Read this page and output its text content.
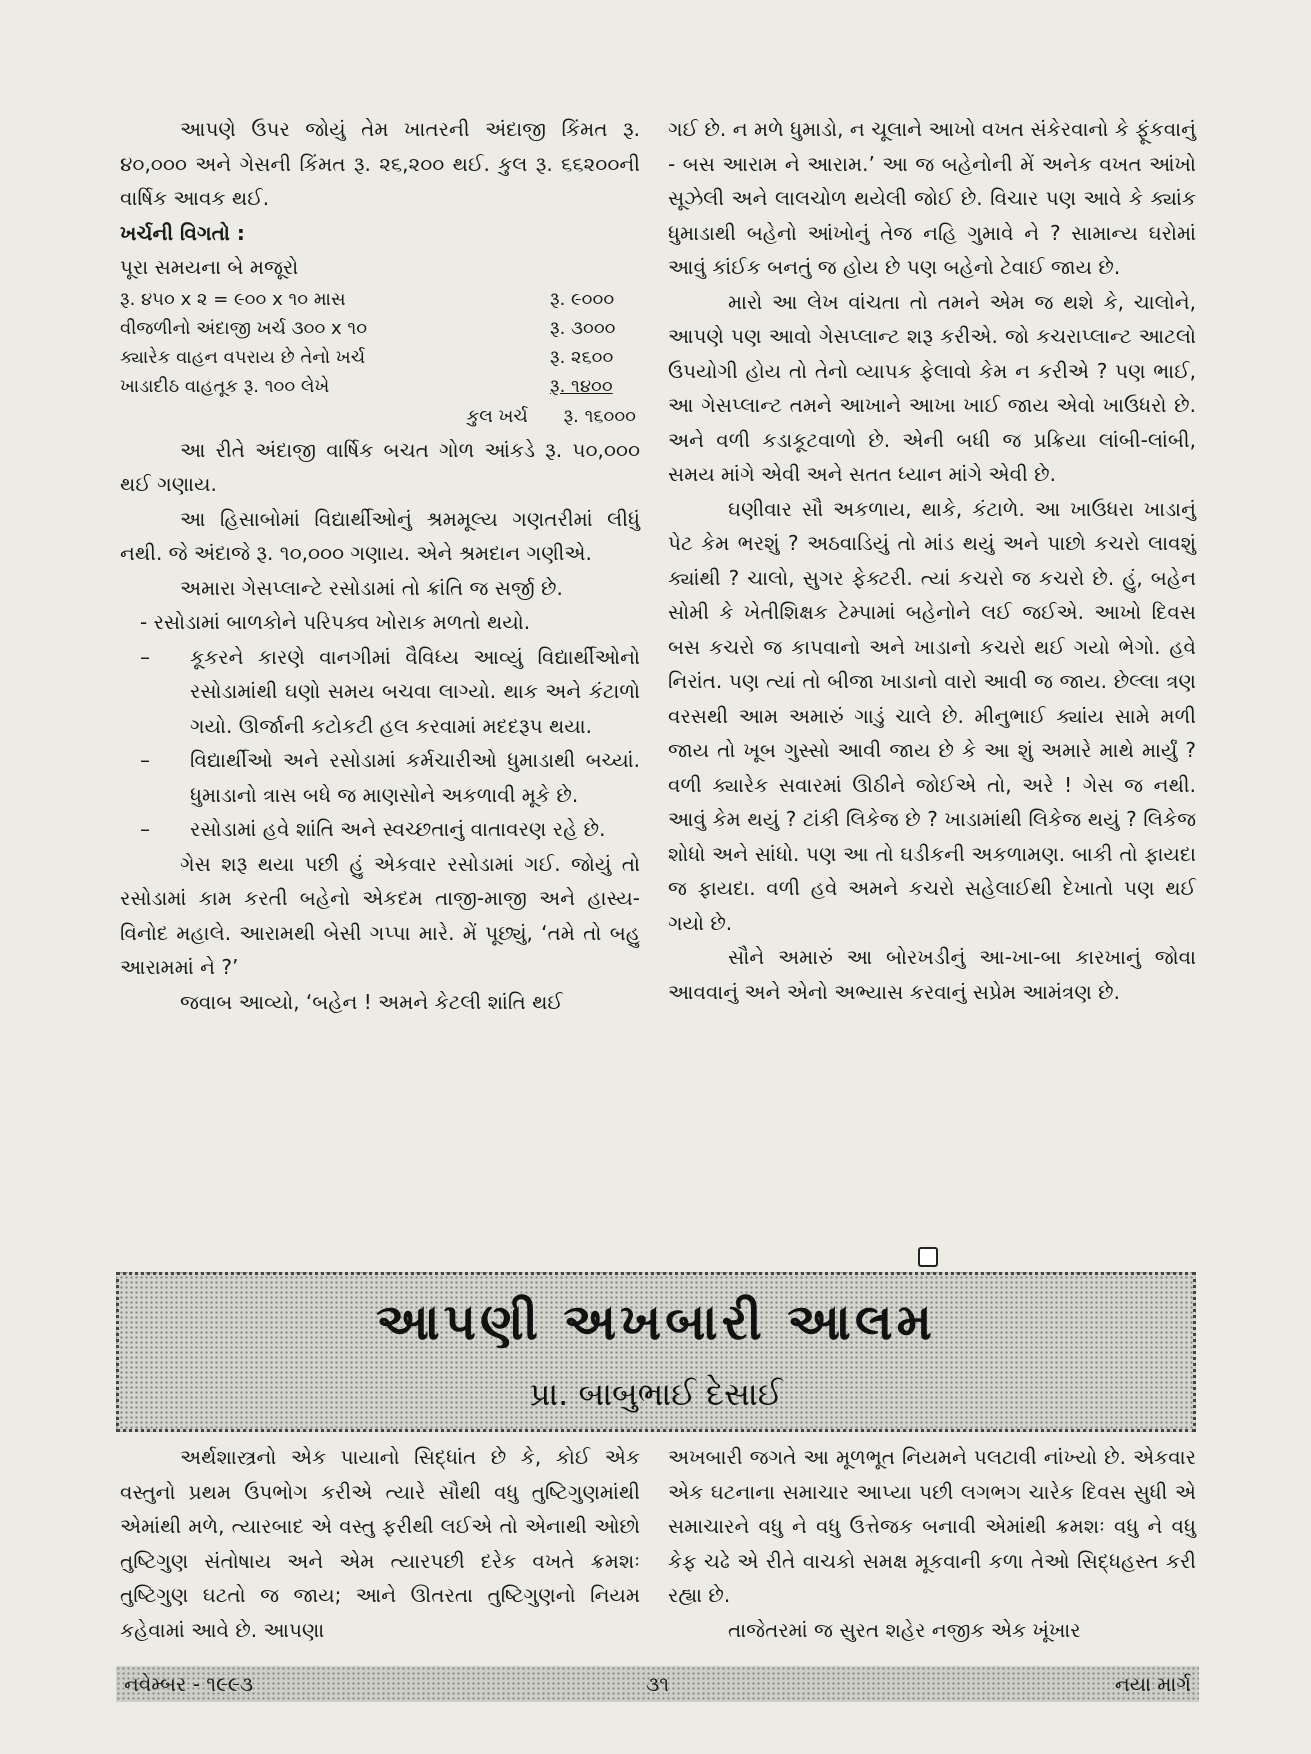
આપણે ઉપર જોયું તેમ ખાતરની અંદાજી કિંમત રૂ. ૪૦,૦૦૦ અને ગેસની કિંમત રૂ. ૨૬,૨૦૦ થઈ. કુલ રૂ. ૬૬૨૦૦ની વાર્ષિક આવક થઈ.

ખર્ચની વિગતો :

પૂરા સમયના બે મજૂરો

રૂ. ૪૫૦ x ૨ = ૯૦૦ x ૧૦ માસ	રૂ. ૯૦૦૦
વીજળીનો અંદાજી ખર્ચ ૩૦૦ x ૧૦	રૂ. ૩૦૦૦
ક્યારેક વાહન વપરાય છે તેનો ખર્ચ	રૂ. ૨૬૦૦
ખાડાદીઠ વાહતૂક રૂ. ૧૦૦ લેખે	રૂ. ૧૪૦૦
કુલ ખર્ચ રૂ. ૧૬૦૦૦

આ રીતે અંદાજી વાર્ષિક બચત ગોળ આંકડે રૂ. ૫૦,૦૦૦ થઈ ગણાય.

આ હિસાબોમાં વિદ્યાર્થીઓનું શ્રમમૂલ્ય ગણતરીમાં લીધું નથી. જે અંદાજે રૂ. ૧૦,૦૦૦ ગણાય. એને શ્રમદાન ગણીએ.

અમારા ગેસપ્લાન્ટે રસોડામાં તો ક્રાંતિ જ સર્જી છે.

- રસોડામાં બાળકોને પરિપક્વ ખોરાક મળતો થયો.

–	કૂકરને કારણે વાનગીમાં વૈવિધ્ય આવ્યું વિદ્યાર્થીઓનો રસોડામાંથી ઘણો સમય બચવા લાગ્યો. થાક અને કંટાળો ગયો. ઊર્જાની કટોકટી હલ કરવામાં મદદરૂપ થયા.
–	વિદ્યાર્થીઓ અને રસોડામાં કર્મચારીઓ ધુમાડાથી બચ્યાં. ધુમાડાનો ત્રાસ બધે જ માણસોને અકળાવી મૂકે છે.
–	રસોડામાં હવે શાંતિ અને સ્વચ્છતાનું વાતાવરણ રહે છે.

ગેસ શરૂ થયા પછી હું એકવાર રસોડામાં ગઈ. જોયું તો રસોડામાં કામ કરતી બહેનો એકદમ તાજી-માજી અને હાસ્ય-વિનોદ મહાલે. આરામથી બેસી ગપ્પા મારે. મેં પૂછ્યું, ‘તમે તો બહુ આરામમાં ને ?’

જવાબ આવ્યો, ‘બહેન ! અમને કેટલી શાંતિ થઈ

ગઈ છે. ન મળે ધુમાડો, ન ચૂલાને આખો વખત સંકેરવાનો કે ફૂંકવાનું - બસ આરામ ને આરામ.’ આ જ બહેનોની મેં અનેક વખત આંખો સૂઝેલી અને લાલચોળ થયેલી જોઈ છે. વિચાર પણ આવે કે ક્યાંક ધુમાડાથી બહેનો આંખોનું તેજ નહિ ગુમાવે ને ? સામાન્ય ઘરોમાં આવું કાંઈક બનતું જ હોય છે પણ બહેનો ટેવાઈ જાય છે.

મારો આ લેખ વાંચતા તો તમને એમ જ થશે કે, ચાલોને, આપણે પણ આવો ગેસપ્લાન્ટ શરૂ કરીએ. જો કચરાપ્લાન્ટ આટલો ઉપયોગી હોય તો તેનો વ્યાપક ફેલાવો કેમ ન કરીએ ? પણ ભાઈ, આ ગેસપ્લાન્ટ તમને આખાને આખા ખાઈ જાય એવો ખાઉધરો છે. અને વળી કડાકૂટવાળો છે. એની બધી જ પ્રક્રિયા લાંબી-લાંબી, સમય માંગે એવી અને સતત ધ્યાન માંગે એવી છે.

ઘણીવાર સૌ અકળાય, થાકે, કંટાળે. આ ખાઉધરા ખાડાનું પેટ કેમ ભરશું ? અઠવાડિયું તો માંડ થયું અને પાછો કચરો લાવશું ક્યાંથી ? ચાલો, સુગર ફેક્ટરી. ત્યાં કચરો જ કચરો છે. હું, બહેન સોમી કે ખેતીશિક્ષક ટેમ્પામાં બહેનોને લઈ જઈએ. આખો દિવસ બસ કચરો જ કાપવાનો અને ખાડાનો કચરો થઈ ગયો ભેગો. હવે નિરાંત. પણ ત્યાં તો બીજા ખાડાનો વારો આવી જ જાય. છેલ્લા ત્રણ વરસથી આમ અમારું ગાડું ચાલે છે. મીનુભાઈ ક્યાંય સામે મળી જાય તો ખૂબ ગુસ્સો આવી જાય છે કે આ શું અમારે માથે માર્યું ? વળી ક્યારેક સવારમાં ઊઠીને જોઈએ તો, અરે ! ગેસ જ નથી. આવું કેમ થયું ? ટાંકી લિકેજ છે ? ખાડામાંથી લિકેજ થયું ? લિકેજ શોધો અને સાંધો. પણ આ તો ઘડીકની અકળામણ. બાકી તો ફાયદા જ ફાયદા. વળી હવે અમને કચરો સહેલાઈથી દેખાતો પણ થઈ ગયો છે.

સૌને અમારું આ બોરખડીનું આ-ખા-બા કારખાનું જોવા આવવાનું અને એનો અભ્યાસ કરવાનું સપ્રેમ આમંત્રણ છે.

આપણી અખબારી આલમ
પ્રા. બાબુભાઈ દેસાઈ

અર્થશાસ્ત્રનો એક પાયાનો સિદ્ધાંત છે કે, કોઈ એક વસ્તુનો પ્રથમ ઉપભોગ કરીએ ત્યારે સૌથી વધુ તુષ્ટિગુણમાંથી એમાંથી મળે, ત્યારબાદ એ વસ્તુ ફરીથી લઈએ તો એનાથી ઓછો તુષ્ટિગુણ સંતોષાય અને એમ ત્યારપછી દરેક વખતે ક્રમશઃ તુષ્ટિગુણ ઘટતો જ જાય; આને ઊતરતા તુષ્ટિગુણનો નિયમ કહેવામાં આવે છે. આપણા

અખબારી જગતે આ મૂળભૂત નિયમને પલટાવી નાંખ્યો છે. એકવાર એક ઘટનાના સમાચાર આપ્યા પછી લગભગ ચારેક દિવસ સુધી એ સમાચારને વધુ ને વધુ ઉત્તેજક બનાવી એમાંથી ક્રમશઃ વધુ ને વધુ કેફ ચઢે એ રીતે વાચકો સમક્ષ મૂકવાની કળા તેઓ સિદ્ધહસ્ત કરી રહ્યા છે.

તાજેતરમાં જ સુરત શહેર નજીક એક ખૂંખાર

નવેમ્બર - ૧૯૯૩	૩૧	નયા માર્ગ
